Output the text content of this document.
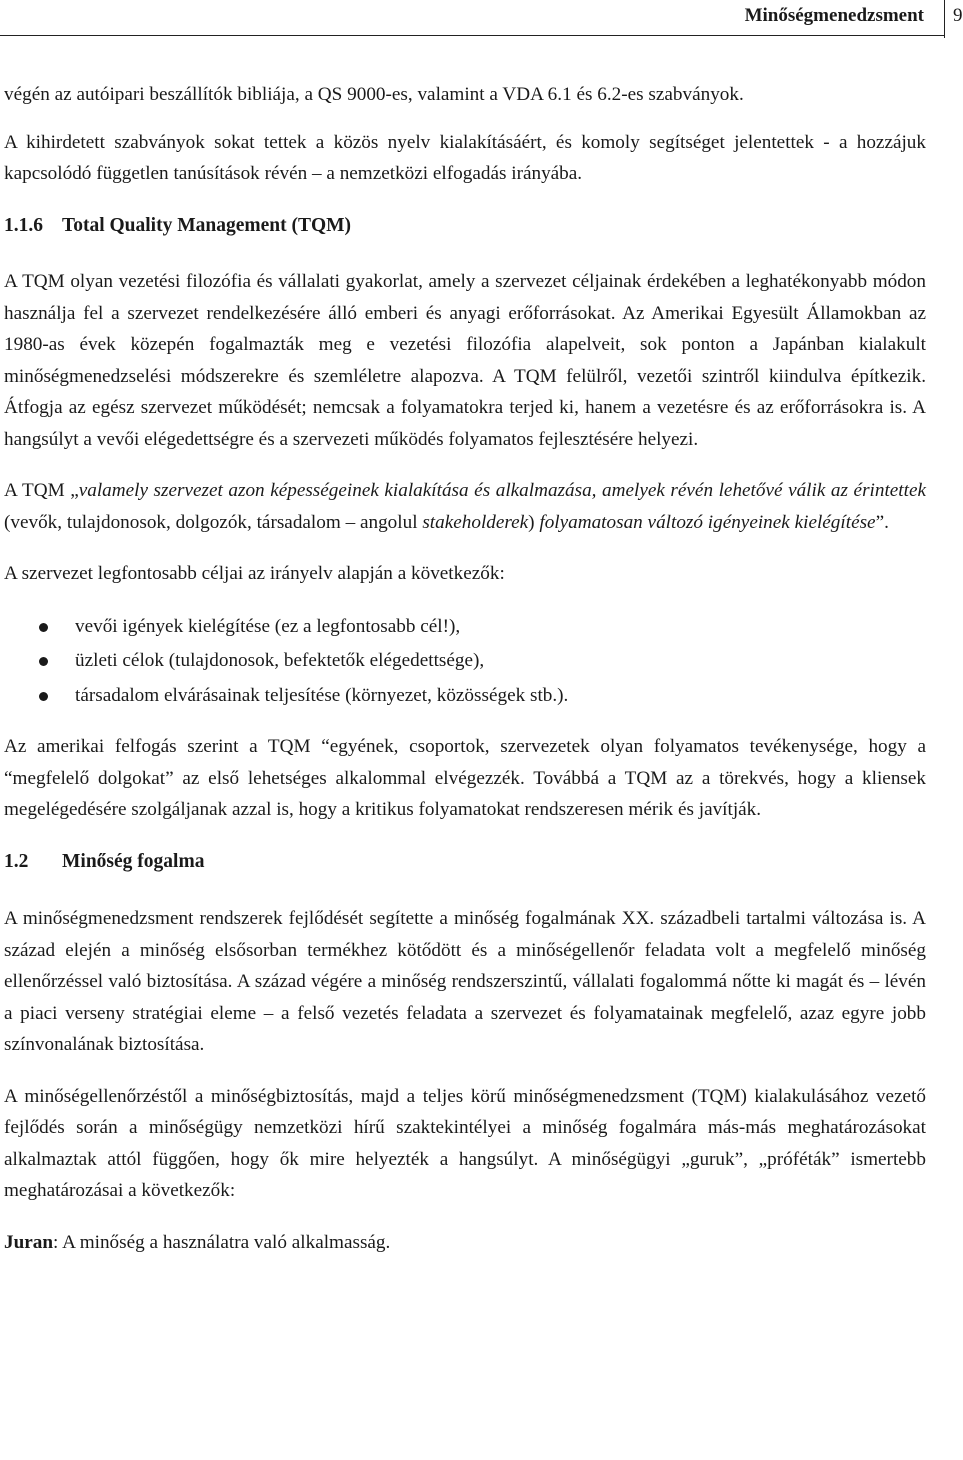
Minőségmenedzsment 9

végén az autóipari beszállítók bibliája, a QS 9000-es, valamint a VDA 6.1 és 6.2-es szabványok.

A kihirdetett szabványok sokat tettek a közös nyelv kialakításáért, és komoly segítséget jelentettek - a hozzájuk kapcsolódó független tanúsítások révén – a nemzetközi elfogadás irányába.

1.1.6 Total Quality Management (TQM)

A TQM olyan vezetési filozófia és vállalati gyakorlat, amely a szervezet céljainak érdekében a leghatékonyabb módon használja fel a szervezet rendelkezésére álló emberi és anyagi erőforrásokat. Az Amerikai Egyesült Államokban az 1980-as évek közepén fogalmazták meg e vezetési filozófia alapelveit, sok ponton a Japánban kialakult minőségmenedzselési módszerekre és szemléletre alapozva. A TQM felülről, vezetői szintről kiindulva építkezik. Átfogja az egész szervezet működését; nemcsak a folyamatokra terjed ki, hanem a vezetésre és az erőforrásokra is. A hangsúlyt a vevői elégedettségre és a szervezeti működés folyamatos fejlesztésére helyezi.

A TQM „valamely szervezet azon képességeinek kialakítása és alkalmazása, amelyek révén lehetővé válik az érintettek (vevők, tulajdonosok, dolgozók, társadalom – angolul stakeholderek) folyamatosan változó igényeinek kielégítése”.

A szervezet legfontosabb céljai az irányelv alapján a következők:

vevői igények kielégítése (ez a legfontosabb cél!),
üzleti célok (tulajdonosok, befektetők elégedettsége),
társadalom elvárásainak teljesítése (környezet, közösségek stb.).

Az amerikai felfogás szerint a TQM “egyének, csoportok, szervezetek olyan folyamatos tevékenysége, hogy a “megfelelő dolgokat” az első lehetséges alkalommal elvégezzék. Továbbá a TQM az a törekvés, hogy a kliensek megelégedésére szolgáljanak azzal is, hogy a kritikus folyamatokat rendszeresen mérik és javítják.

1.2 Minőség fogalma

A minőségmenedzsment rendszerek fejlődését segítette a minőség fogalmának XX. századbeli tartalmi változása is. A század elején a minőség elsősorban termékhez kötődött és a minőségellenőr feladata volt a megfelelő minőség ellenőrzéssel való biztosítása. A század végére a minőség rendszerszintű, vállalati fogalommá nőtte ki magát és – lévén a piaci verseny stratégiai eleme – a felső vezetés feladata a szervezet és folyamatainak megfelelő, azaz egyre jobb színvonalának biztosítása.

A minőségellenőrzéstől a minőségbiztosítás, majd a teljes körű minőségmenedzsment (TQM) kialakulásához vezető fejlődés során a minőségügy nemzetközi hírű szaktekintélyei a minőség fogalmára más-más meghatározásokat alkalmaztak attól függően, hogy ők mire helyezték a hangsúlyt. A minőségügyi „guruk”, „próféták” ismertebb meghatározásai a következők:

Juran: A minőség a használatra való alkalmasság.
